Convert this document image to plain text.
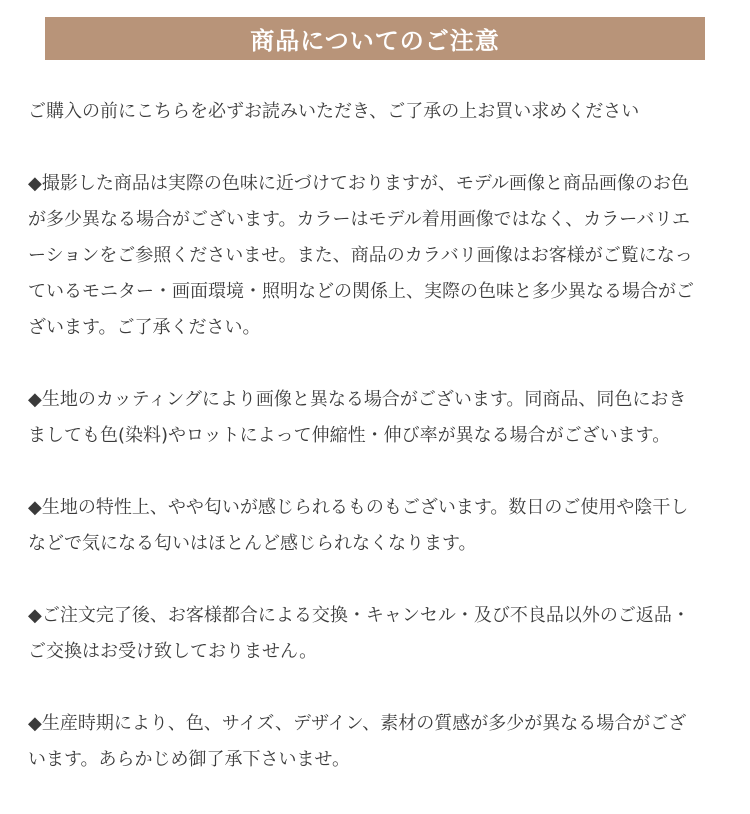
商品についてのご注意

ご購入の前にこちらを必ずお読みいただき、ご了承の上お買い求めください

◆撮影した商品は実際の色味に近づけておりますが、モデル画像と商品画像のお色
が多少異なる場合がございます。カラーはモデル着用画像ではなく、カラーバリエ
ーションをご参照くださいませ。また、商品のカラバリ画像はお客様がご覧になっ
ているモニター・画面環境・照明などの関係上、実際の色味と多少異なる場合がご
ざいます。ご了承ください。

◆生地のカッティングにより画像と異なる場合がございます。同商品、同色におき
ましても色(染料)やロットによって伸縮性・伸び率が異なる場合がございます。

◆生地の特性上、やや匂いが感じられるものもございます。数日のご使用や陰干し
などで気になる匂いはほとんど感じられなくなります。

◆ご注文完了後、お客様都合による交換・キャンセル・及び不良品以外のご返品・
ご交換はお受け致しておりません。

◆生産時期により、色、サイズ、デザイン、素材の質感が多少が異なる場合がござ
います。あらかじめ御了承下さいませ。
